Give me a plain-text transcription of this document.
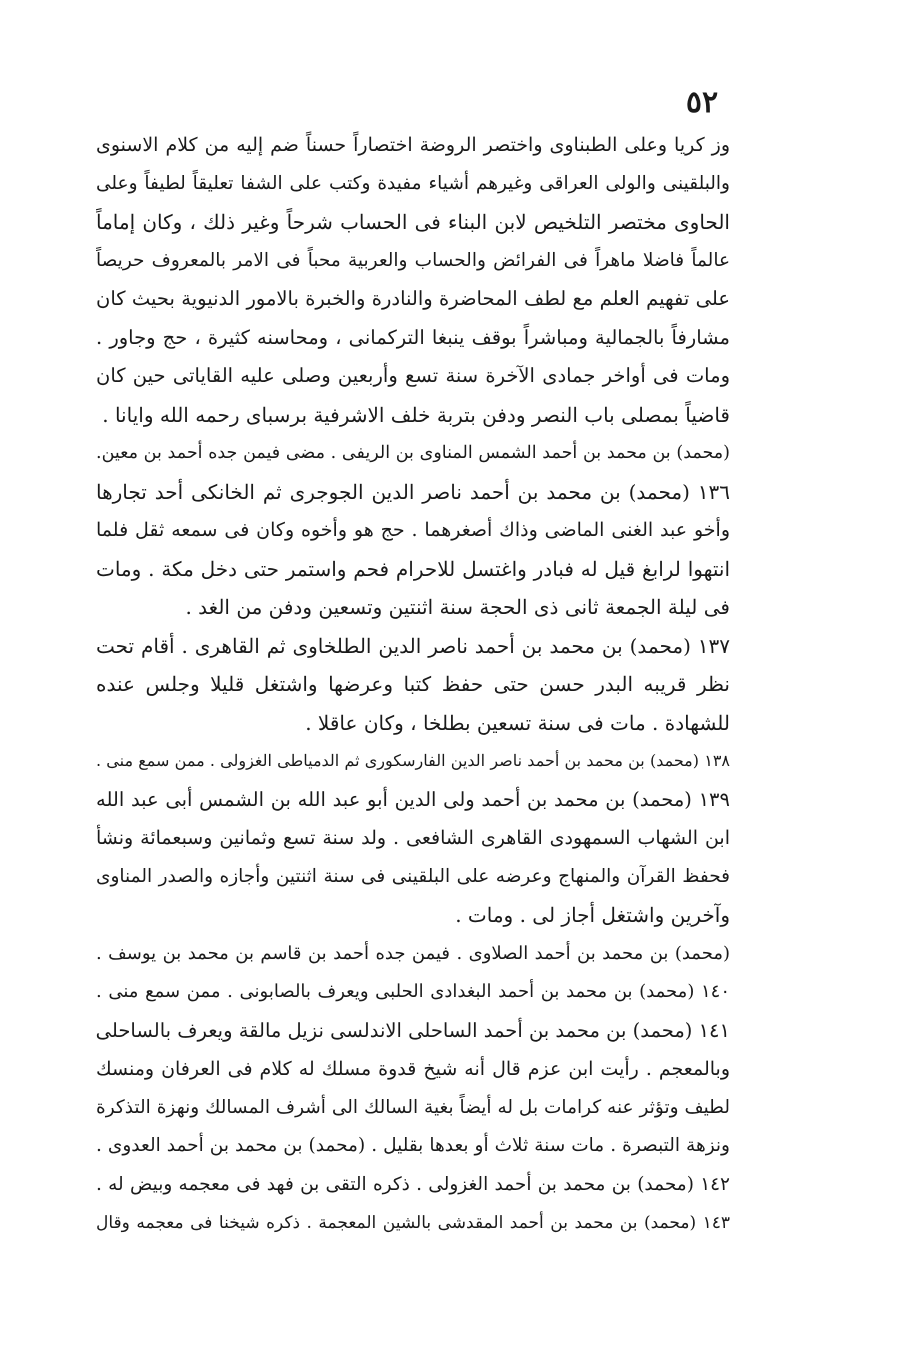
٥٢
وز كريا وعلى الطبناوى واختصر الروضة اختصاراً حسناً ضم إليه من كلام الاسنوى
والبلقينى والولى العراقى وغيرهم أشياء مفيدة وكتب على الشفا تعليقاً لطيفاً وعلى
الحاوى مختصر التلخيص لابن البناء فى الحساب شرحاً وغير ذلك ، وكان إماماً
عالماً فاضلا ماهراً فى الفرائض والحساب والعربية محباً فى الامر بالمعروف حريصاً
على تفهيم العلم مع لطف المحاضرة والنادرة والخبرة بالامور الدنيوية بحيث كان
مشارفاً بالجمالية ومباشراً بوقف ينبغا التركمانى ، ومحاسنه كثيرة ، حج وجاور .
ومات فى أواخر جمادى الآخرة سنة تسع وأربعين وصلى عليه القاياتى حين كان
قاضياً بمصلى باب النصر ودفن بتربة خلف الاشرفية برسباى رحمه الله وايانا .
(محمد) بن محمد بن أحمد الشمس المناوى بن الريفى . مضى فيمن جده أحمد بن معين.
١٣٦ (محمد) بن محمد بن أحمد ناصر الدين الجوجرى ثم الخانكى أحد تجارها
وأخو عبد الغنى الماضى وذاك أصغرهما . حج هو وأخوه وكان فى سمعه ثقل فلما
انتهوا لرابغ قيل له فبادر واغتسل للاحرام فحم واستمر حتى دخل مكة . ومات
فى ليلة الجمعة ثانى ذى الحجة سنة اثنتين وتسعين ودفن من الغد .
١٣٧ (محمد) بن محمد بن أحمد ناصر الدين الطلخاوى ثم القاهرى . أقام تحت
نظر قريبه البدر حسن حتى حفظ كتبا وعرضها واشتغل قليلا وجلس عنده
للشهادة . مات فى سنة تسعين بطلخا ، وكان عاقلا .
١٣٨ (محمد) بن محمد بن أحمد ناصر الدين الفارسكورى ثم الدمياطى الغزولى . ممن سمع منى .
١٣٩ (محمد) بن محمد بن أحمد ولى الدين أبو عبد الله بن الشمس أبى عبد الله
ابن الشهاب السمهودى القاهرى الشافعى . ولد سنة تسع وثمانين وسبعمائة ونشأ
فحفظ القرآن والمنهاج وعرضه على البلقينى فى سنة اثنتين وأجازه والصدر المناوى
وآخرين واشتغل أجاز لى . ومات .
(محمد) بن محمد بن أحمد الصلاوى . فيمن جده أحمد بن قاسم بن محمد بن يوسف .
١٤٠ (محمد) بن محمد بن أحمد البغدادى الحلبى ويعرف بالصابونى . ممن سمع منى .
١٤١ (محمد) بن محمد بن أحمد الساحلى الاندلسى نزيل مالقة ويعرف بالساحلى
وبالمعجم . رأيت ابن عزم قال أنه شيخ قدوة مسلك له كلام فى العرفان ومنسك
لطيف وتؤثر عنه كرامات بل له أيضاً بغية السالك الى أشرف المسالك ونهزة التذكرة
ونزهة التبصرة . مات سنة ثلاث أو بعدها بقليل . (محمد) بن محمد بن أحمد العدوى .
١٤٢ (محمد) بن محمد بن أحمد الغزولى . ذكره التقى بن فهد فى معجمه وبيض له .
١٤٣ (محمد) بن محمد بن أحمد المقدشى بالشين المعجمة . ذكره شيخنا فى معجمه وقال
